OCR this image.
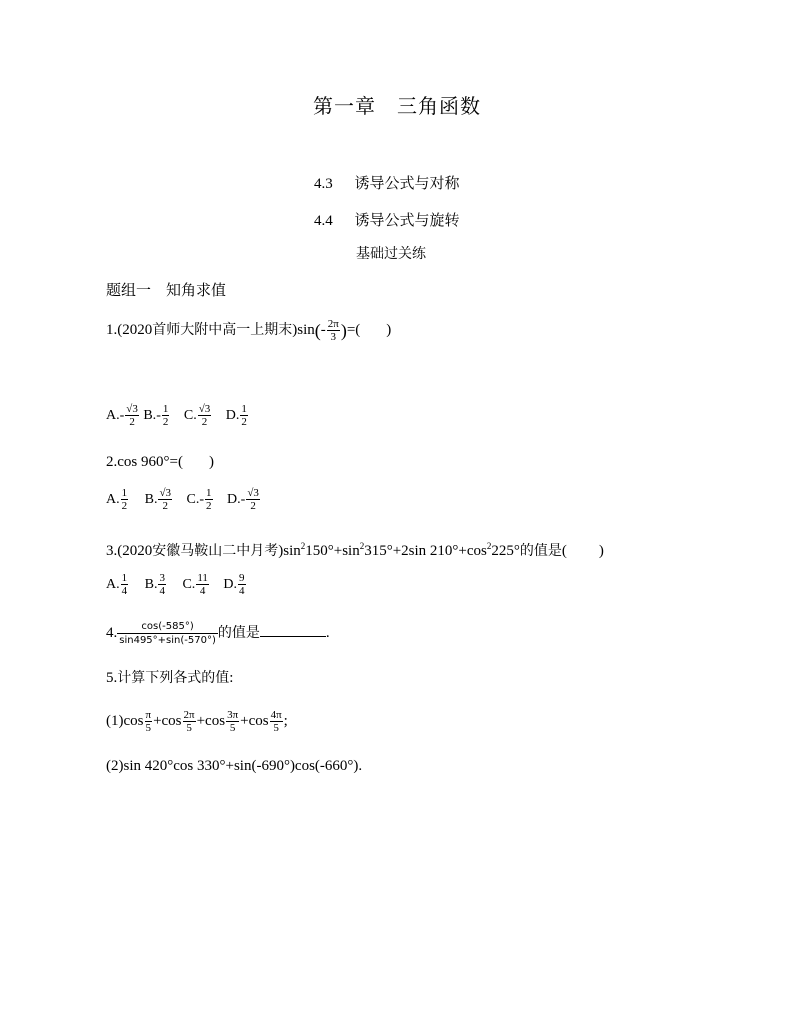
第一章　三角函数
4.3 诱导公式与对称
4.4 诱导公式与旋转
基础过关练
题组一　知角求值
1.(2020首师大附中高一上期末)$\sin(- \frac{2\pi}{3}$ )=( )
$A.- \frac{√3}{2} B.- \frac{1}{2} C$. $\frac{√3}{2} D$. $\frac{1}{2}$
2.cos 960°=( )
A. $\frac{1}{2} B$. $\frac{√3}{2} C.- \frac{1}{2} D.- \frac{√3}{2}$
3.(2020安徽马鞍山二中月考)$\sin^2150^\circ+\sin^2315^\circ+2\sin$ $210^\circ+\cos^2225^\circ$的值是( )
A. $\frac{1}{4} B$. $\frac{3}{4} C$. $\frac{11}{4} D$. $\frac{9}{4}$
4. $\frac{\cos(-585^\circ)}{\sin 495^\circ+\sin(-570^\circ)}$ 的值是	.
5.计算下列各式的值:
$(1)\cos \frac{\pi}{5} +\cos \frac{2\pi}{5} +\cos \frac{3\pi}{5} +\cos \frac{4\pi}{5}$ ;
(2)sin 420°cos 330°+sin(-690°)cos(-660°).
